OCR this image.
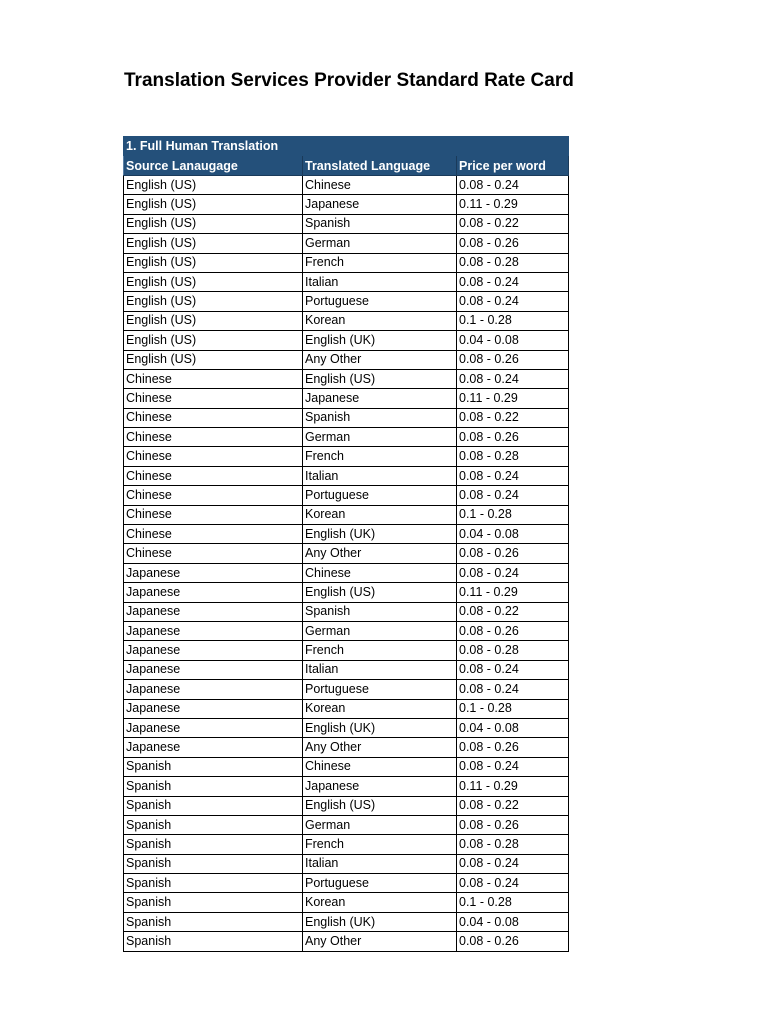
Translation Services Provider Standard Rate Card
1. Full Human Translation		
Source Lanaugage	Translated Language	Price per word
English (US)	Chinese	0.08 - 0.24
English (US)	Japanese	0.11 - 0.29
English (US)	Spanish	0.08 - 0.22
English (US)	German	0.08 - 0.26
English (US)	French	0.08 - 0.28
English (US)	Italian	0.08 - 0.24
English (US)	Portuguese	0.08 - 0.24
English (US)	Korean	0.1 - 0.28
English (US)	English (UK)	0.04 - 0.08
English (US)	Any Other	0.08 - 0.26
Chinese	English (US)	0.08 - 0.24
Chinese	Japanese	0.11 - 0.29
Chinese	Spanish	0.08 - 0.22
Chinese	German	0.08 - 0.26
Chinese	French	0.08 - 0.28
Chinese	Italian	0.08 - 0.24
Chinese	Portuguese	0.08 - 0.24
Chinese	Korean	0.1 - 0.28
Chinese	English (UK)	0.04 - 0.08
Chinese	Any Other	0.08 - 0.26
Japanese	Chinese	0.08 - 0.24
Japanese	English (US)	0.11 - 0.29
Japanese	Spanish	0.08 - 0.22
Japanese	German	0.08 - 0.26
Japanese	French	0.08 - 0.28
Japanese	Italian	0.08 - 0.24
Japanese	Portuguese	0.08 - 0.24
Japanese	Korean	0.1 - 0.28
Japanese	English (UK)	0.04 - 0.08
Japanese	Any Other	0.08 - 0.26
Spanish	Chinese	0.08 - 0.24
Spanish	Japanese	0.11 - 0.29
Spanish	English (US)	0.08 - 0.22
Spanish	German	0.08 - 0.26
Spanish	French	0.08 - 0.28
Spanish	Italian	0.08 - 0.24
Spanish	Portuguese	0.08 - 0.24
Spanish	Korean	0.1 - 0.28
Spanish	English (UK)	0.04 - 0.08
Spanish	Any Other	0.08 - 0.26
